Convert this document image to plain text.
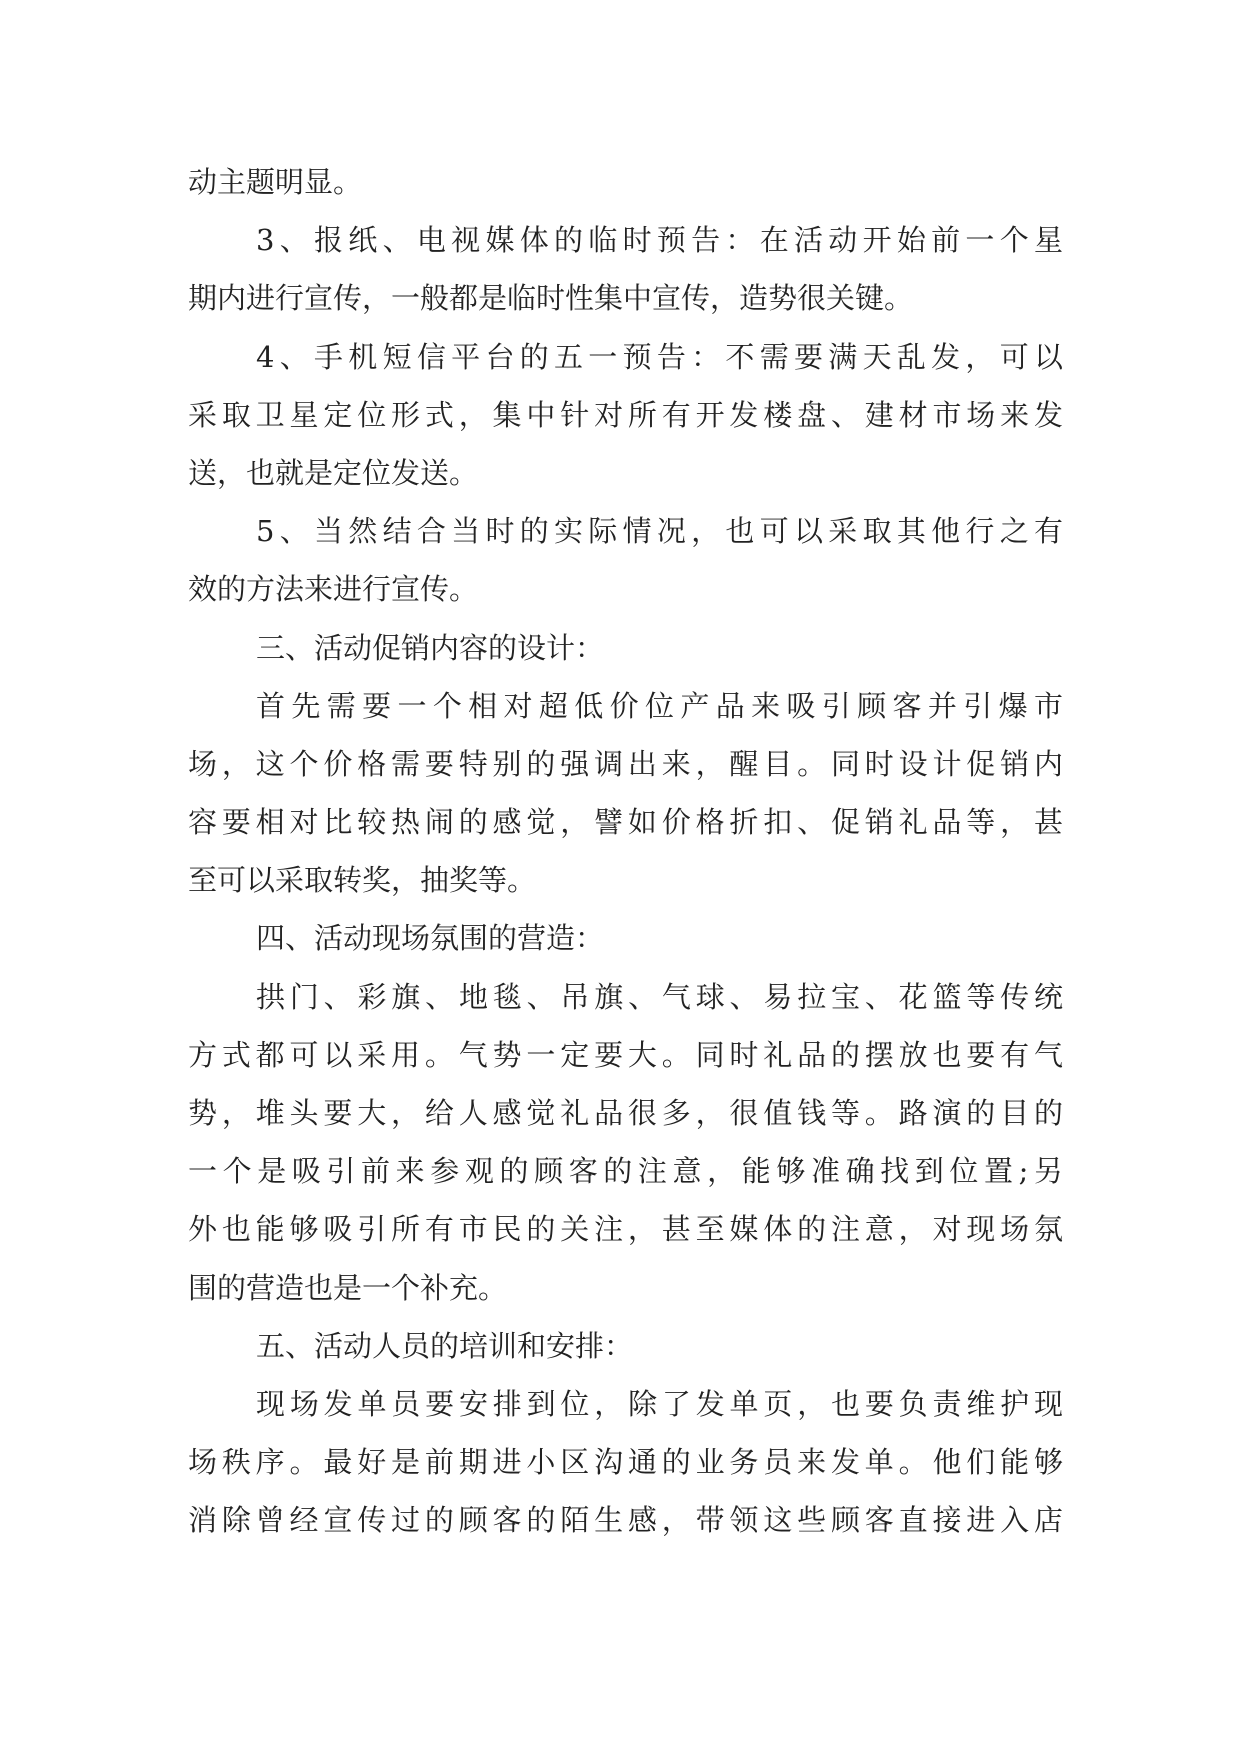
动主题明显。
3、报纸、电视媒体的临时预告：在活动开始前一个星
期内进行宣传，一般都是临时性集中宣传，造势很关键。
4、手机短信平台的五一预告：不需要满天乱发，可以
采取卫星定位形式，集中针对所有开发楼盘、建材市场来发
送，也就是定位发送。
5、当然结合当时的实际情况，也可以采取其他行之有
效的方法来进行宣传。
三、活动促销内容的设计：
首先需要一个相对超低价位产品来吸引顾客并引爆市
场，这个价格需要特别的强调出来，醒目。同时设计促销内
容要相对比较热闹的感觉，譬如价格折扣、促销礼品等，甚
至可以采取转奖，抽奖等。
四、活动现场氛围的营造：
拱门、彩旗、地毯、吊旗、气球、易拉宝、花篮等传统
方式都可以采用。气势一定要大。同时礼品的摆放也要有气
势，堆头要大，给人感觉礼品很多，很值钱等。路演的目的
一个是吸引前来参观的顾客的注意，能够准确找到位置;另
外也能够吸引所有市民的关注，甚至媒体的注意，对现场氛
围的营造也是一个补充。
五、活动人员的培训和安排：
现场发单员要安排到位，除了发单页，也要负责维护现
场秩序。最好是前期进小区沟通的业务员来发单。他们能够
消除曾经宣传过的顾客的陌生感，带领这些顾客直接进入店
